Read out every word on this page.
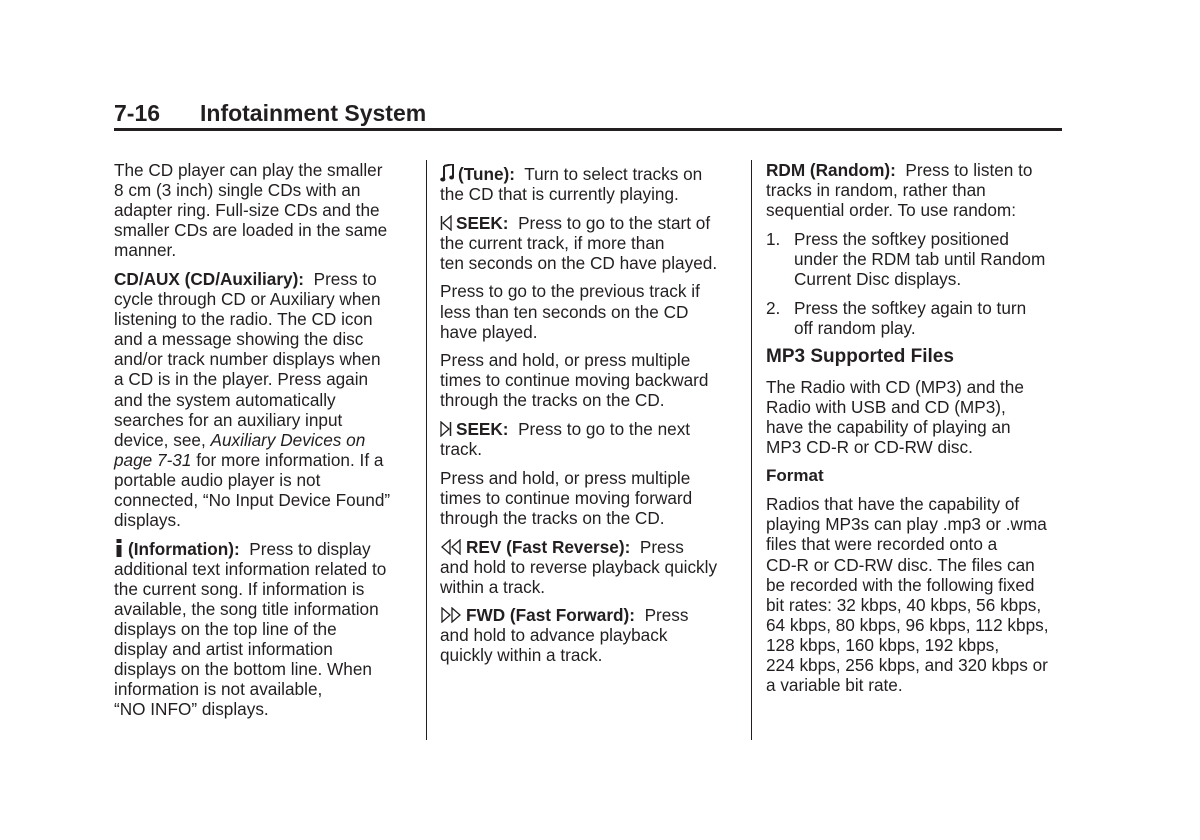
7-16 Infotainment System

The CD player can play the smaller
8 cm (3 inch) single CDs with an
adapter ring. Full-size CDs and the
smaller CDs are loaded in the same
manner.

CD/AUX (CD/Auxiliary): Press to
cycle through CD or Auxiliary when
listening to the radio. The CD icon
and a message showing the disc
and/or track number displays when
a CD is in the player. Press again
and the system automatically
searches for an auxiliary input
device, see, Auxiliary Devices on
page 7-31 for more information. If a
portable audio player is not
connected, “No Input Device Found”
displays.

(Information): Press to display
additional text information related to
the current song. If information is
available, the song title information
displays on the top line of the
display and artist information
displays on the bottom line. When
information is not available,
“NO INFO” displays.

(Tune): Turn to select tracks on
the CD that is currently playing.

SEEK: Press to go to the start of
the current track, if more than
ten seconds on the CD have played.

Press to go to the previous track if
less than ten seconds on the CD
have played.

Press and hold, or press multiple
times to continue moving backward
through the tracks on the CD.

SEEK: Press to go to the next
track.

Press and hold, or press multiple
times to continue moving forward
through the tracks on the CD.

REV (Fast Reverse): Press
and hold to reverse playback quickly
within a track.

FWD (Fast Forward): Press
and hold to advance playback
quickly within a track.

RDM (Random): Press to listen to
tracks in random, rather than
sequential order. To use random:

1. Press the softkey positioned
under the RDM tab until Random
Current Disc displays.
2. Press the softkey again to turn
off random play.
MP3 Supported Files

The Radio with CD (MP3) and the
Radio with USB and CD (MP3),
have the capability of playing an
MP3 CD-R or CD-RW disc.

Format

Radios that have the capability of
playing MP3s can play .mp3 or .wma
files that were recorded onto a
CD-R or CD-RW disc. The files can
be recorded with the following fixed
bit rates: 32 kbps, 40 kbps, 56 kbps,
64 kbps, 80 kbps, 96 kbps, 112 kbps,
128 kbps, 160 kbps, 192 kbps,
224 kbps, 256 kbps, and 320 kbps or
a variable bit rate.
